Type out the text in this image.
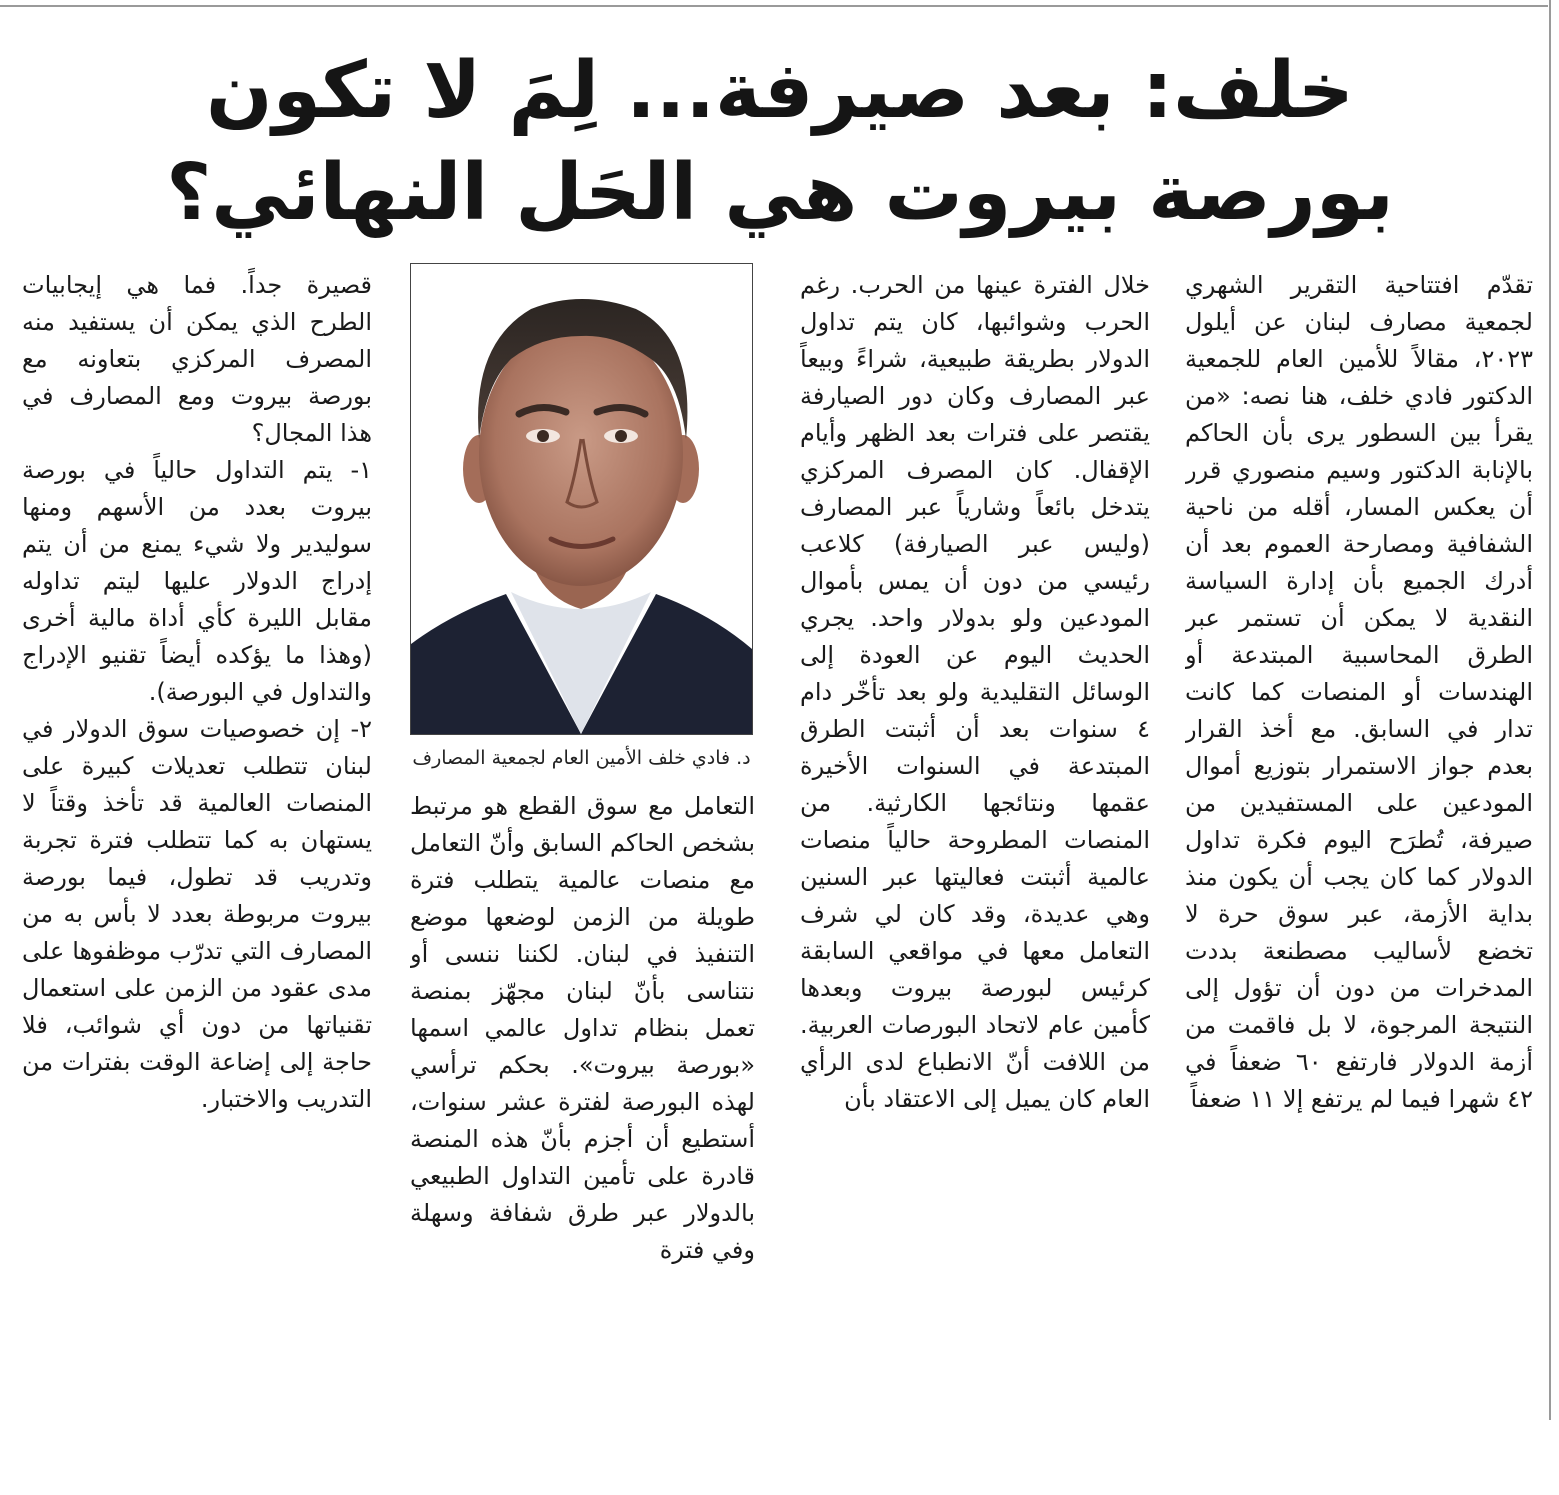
خلف: بعد صيرفة... لِمَ لا تكون
بورصة بيروت هي الحَل النهائي؟

تقدّم افتتاحية التقرير الشهري لجمعية مصارف لبنان عن أيلول ٢٠٢٣، مقالاً للأمين العام للجمعية الدكتور فادي خلف، هنا نصه: «من يقرأ بين السطور يرى بأن الحاكم بالإنابة الدكتور وسيم منصوري قرر أن يعكس المسار، أقله من ناحية الشفافية ومصارحة العموم بعد أن أدرك الجميع بأن إدارة السياسة النقدية لا يمكن أن تستمر عبر الطرق المحاسبية المبتدعة أو الهندسات أو المنصات كما كانت تدار في السابق. مع أخذ القرار بعدم جواز الاستمرار بتوزيع أموال المودعين على المستفيدين من صيرفة، تُطرَح اليوم فكرة تداول الدولار كما كان يجب أن يكون منذ بداية الأزمة، عبر سوق حرة لا تخضع لأساليب مصطنعة بددت المدخرات من دون أن تؤول إلى النتيجة المرجوة، لا بل فاقمت من أزمة الدولار فارتفع ٦٠ ضعفاً في ٤٢ شهرا فيما لم يرتفع إلا ١١ ضعفاً

خلال الفترة عينها من الحرب. رغم الحرب وشوائبها، كان يتم تداول الدولار بطريقة طبيعية، شراءً وبيعاً عبر المصارف وكان دور الصيارفة يقتصر على فترات بعد الظهر وأيام الإقفال. كان المصرف المركزي يتدخل بائعاً وشارياً عبر المصارف (وليس عبر الصيارفة) كلاعب رئيسي من دون أن يمس بأموال المودعين ولو بدولار واحد. يجري الحديث اليوم عن العودة إلى الوسائل التقليدية ولو بعد تأخّر دام ٤ سنوات بعد أن أثبتت الطرق المبتدعة في السنوات الأخيرة عقمها ونتائجها الكارثية. من المنصات المطروحة حالياً منصات عالمية أثبتت فعاليتها عبر السنين وهي عديدة، وقد كان لي شرف التعامل معها في مواقعي السابقة كرئيس لبورصة بيروت وبعدها كأمين عام لاتحاد البورصات العربية. من اللافت أنّ الانطباع لدى الرأي العام كان يميل إلى الاعتقاد بأن

د. فادي خلف الأمين العام لجمعية المصارف

التعامل مع سوق القطع هو مرتبط بشخص الحاكم السابق وأنّ التعامل مع منصات عالمية يتطلب فترة طويلة من الزمن لوضعها موضع التنفيذ في لبنان. لكننا ننسى أو نتناسى بأنّ لبنان مجهّز بمنصة تعمل بنظام تداول عالمي اسمها «بورصة بيروت». بحكم ترأسي لهذه البورصة لفترة عشر سنوات، أستطيع أن أجزم بأنّ هذه المنصة قادرة على تأمين التداول الطبيعي بالدولار عبر طرق شفافة وسهلة وفي فترة

قصيرة جداً. فما هي إيجابيات الطرح الذي يمكن أن يستفيد منه المصرف المركزي بتعاونه مع بورصة بيروت ومع المصارف في هذا المجال؟

١- يتم التداول حالياً في بورصة بيروت بعدد من الأسهم ومنها سوليدير ولا شيء يمنع من أن يتم إدراج الدولار عليها ليتم تداوله مقابل الليرة كأي أداة مالية أخرى (وهذا ما يؤكده أيضاً تقنيو الإدراج والتداول في البورصة).

٢- إن خصوصيات سوق الدولار في لبنان تتطلب تعديلات كبيرة على المنصات العالمية قد تأخذ وقتاً لا يستهان به كما تتطلب فترة تجربة وتدريب قد تطول، فيما بورصة بيروت مربوطة بعدد لا بأس به من المصارف التي تدرّب موظفوها على مدى عقود من الزمن على استعمال تقنياتها من دون أي شوائب، فلا حاجة إلى إضاعة الوقت بفترات من التدريب والاختبار.
